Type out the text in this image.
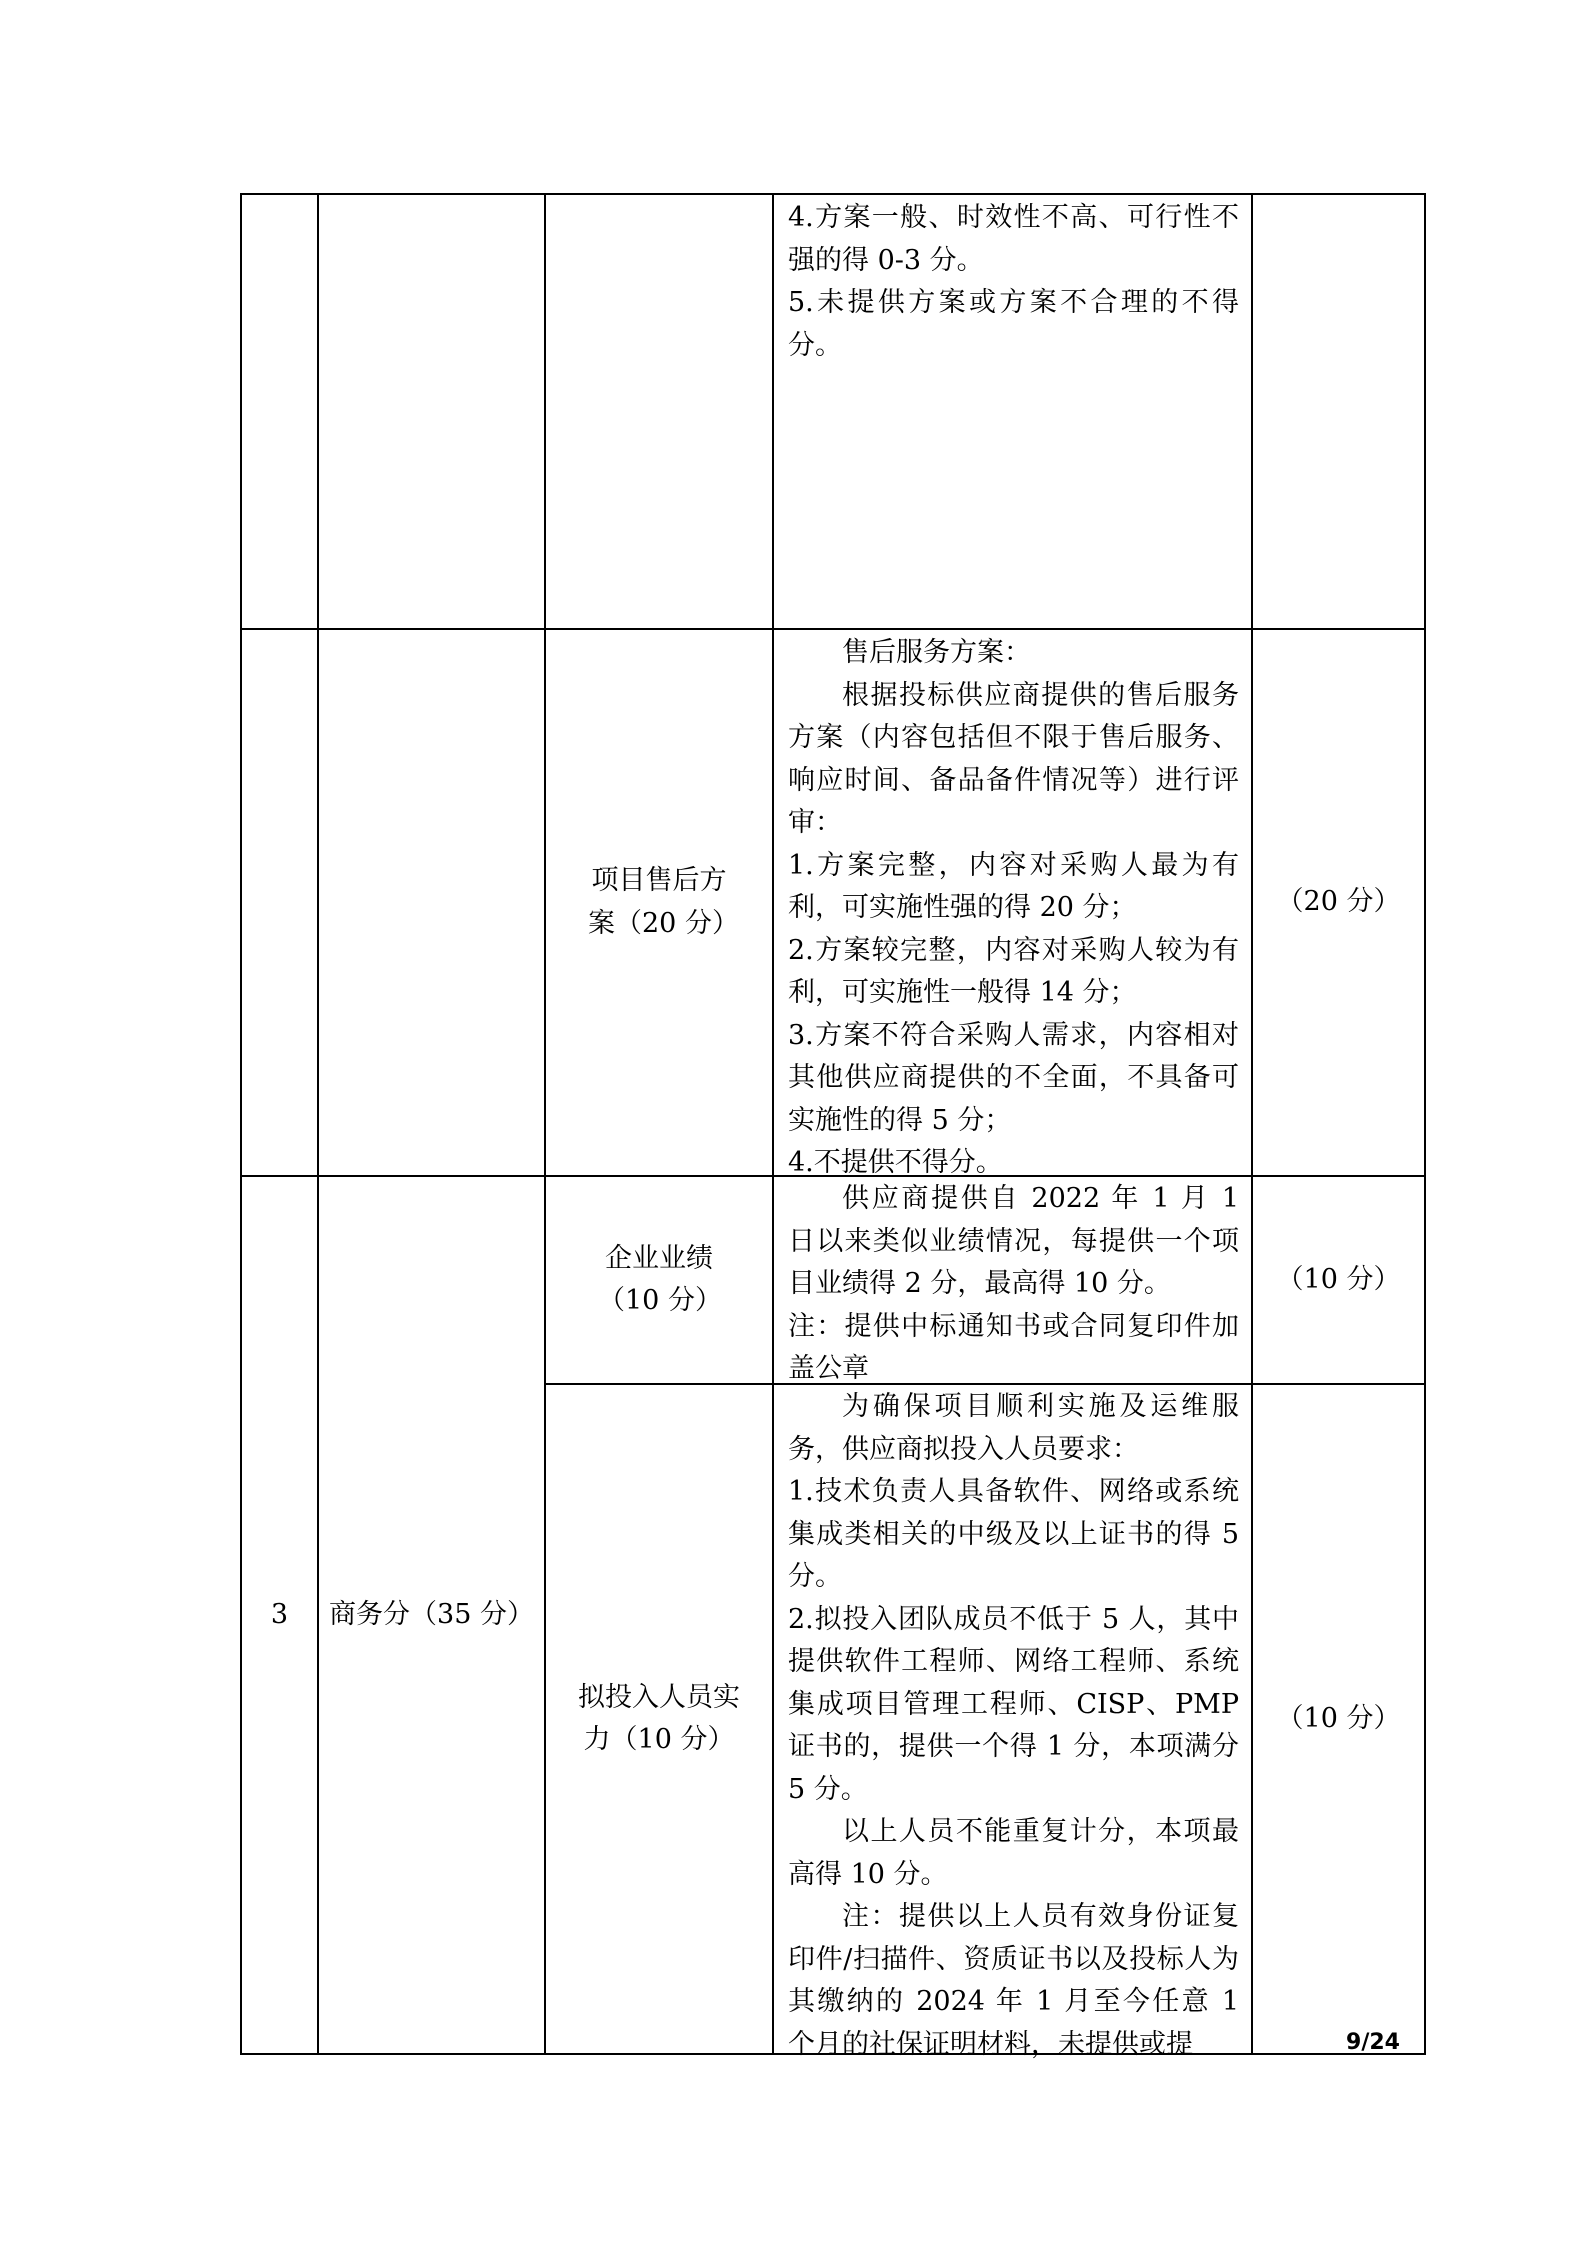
4.方案一般、时效性不高、可行性不强的得 0-3 分。

5.未提供方案或方案不合理的不得分。

项目售后方案（20 分）

售后服务方案：

根据投标供应商提供的售后服务方案（内容包括但不限于售后服务、响应时间、备品备件情况等）进行评审：

1.方案完整，内容对采购人最为有利，可实施性强的得 20 分；

2.方案较完整，内容对采购人较为有利，可实施性一般得 14 分；

3.方案不符合采购人需求，内容相对其他供应商提供的不全面，不具备可实施性的得 5 分；

4.不提供不得分。

（20 分）
3 商务分（35 分）
企业业绩（10 分）

供应商提供自 2022 年 1 月 1 日以来类似业绩情况，每提供一个项目业绩得 2 分，最高得 10 分。

注：提供中标通知书或合同复印件加盖公章

（10 分）
拟投入人员实力（10 分）

为确保项目顺利实施及运维服务，供应商拟投入人员要求：

1.技术负责人具备软件、网络或系统集成类相关的中级及以上证书的得 5 分。

2.拟投入团队成员不低于 5 人，其中提供软件工程师、网络工程师、系统集成项目管理工程师、CISP、PMP 证书的，提供一个得 1 分，本项满分 5 分。

以上人员不能重复计分，本项最高得 10 分。

注：提供以上人员有效身份证复印件/扫描件、资质证书以及投标人为其缴纳的 2024 年 1 月至今任意 1 个月的社保证明材料，未提供或提

（10 分）
9/24
